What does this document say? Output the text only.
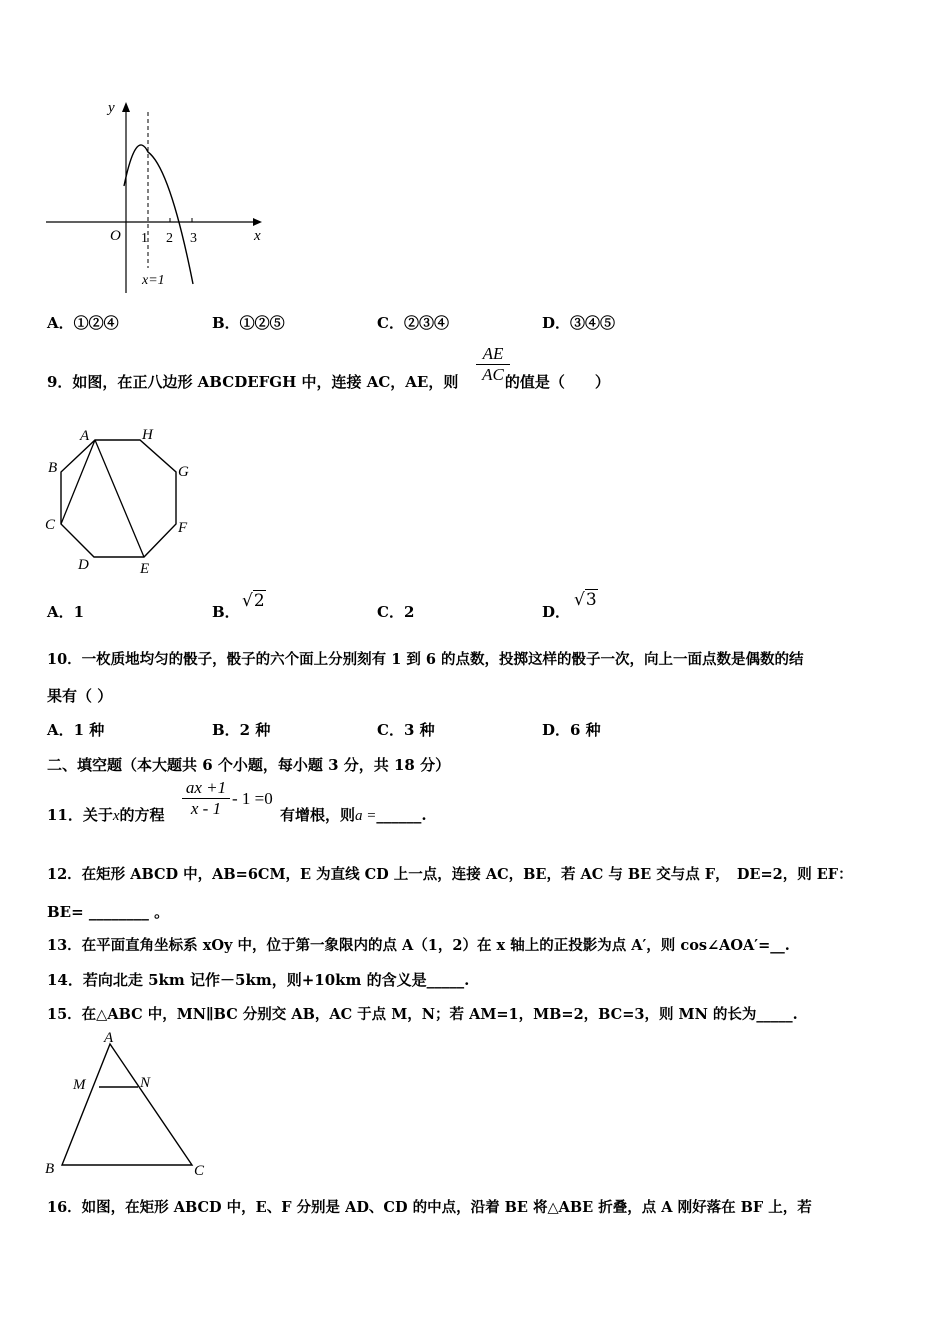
y
x
O 1 2 3
x=1
A．①②④	B．①②⑤	C．②③④	D．③④⑤
9．如图，在正八边形 ABCDEFGH 中，连接 AC，AE，则	的值是（　　）
AE
AC
A	H
G
F
E
D
C
B
A．1	B．
√2
C．2	D．
√3
10．一枚质地均匀的骰子，骰子的六个面上分别刻有 1 到 6 的点数，投掷这样的骰子一次，向上一面点数是偶数的结
果有（ ）
A．1 种	B．2 种	C．3 种	D．6 种
二、填空题（本大题共 6 个小题，每小题 3 分，共 18 分）
11．关于x的方程
ax +1
x - 1
- 1 =0
有增根，则a =______.
12．在矩形 ABCD 中，AB=6CM，E 为直线 CD 上一点，连接 AC，BE，若 AC 与 BE 交与点 F，　DE=2，则 EF：
BE= ________ 。
13．在平面直角坐标系 xOy 中，位于第一象限内的点 A（1，2）在 x 轴上的正投影为点 A′，则 cos∠AOA′=__.
14．若向北走 5km 记作－5km，则+10km 的含义是_____.
15．在△ABC 中，MN∥BC 分别交 AB，AC 于点 M，N；若 AM=1，MB=2，BC=3，则 MN 的长为_____.
A
M	N
B	C
16．如图，在矩形 ABCD 中，E、F 分别是 AD、CD 的中点，沿着 BE 将△ABE 折叠，点 A 刚好落在 BF 上，若
